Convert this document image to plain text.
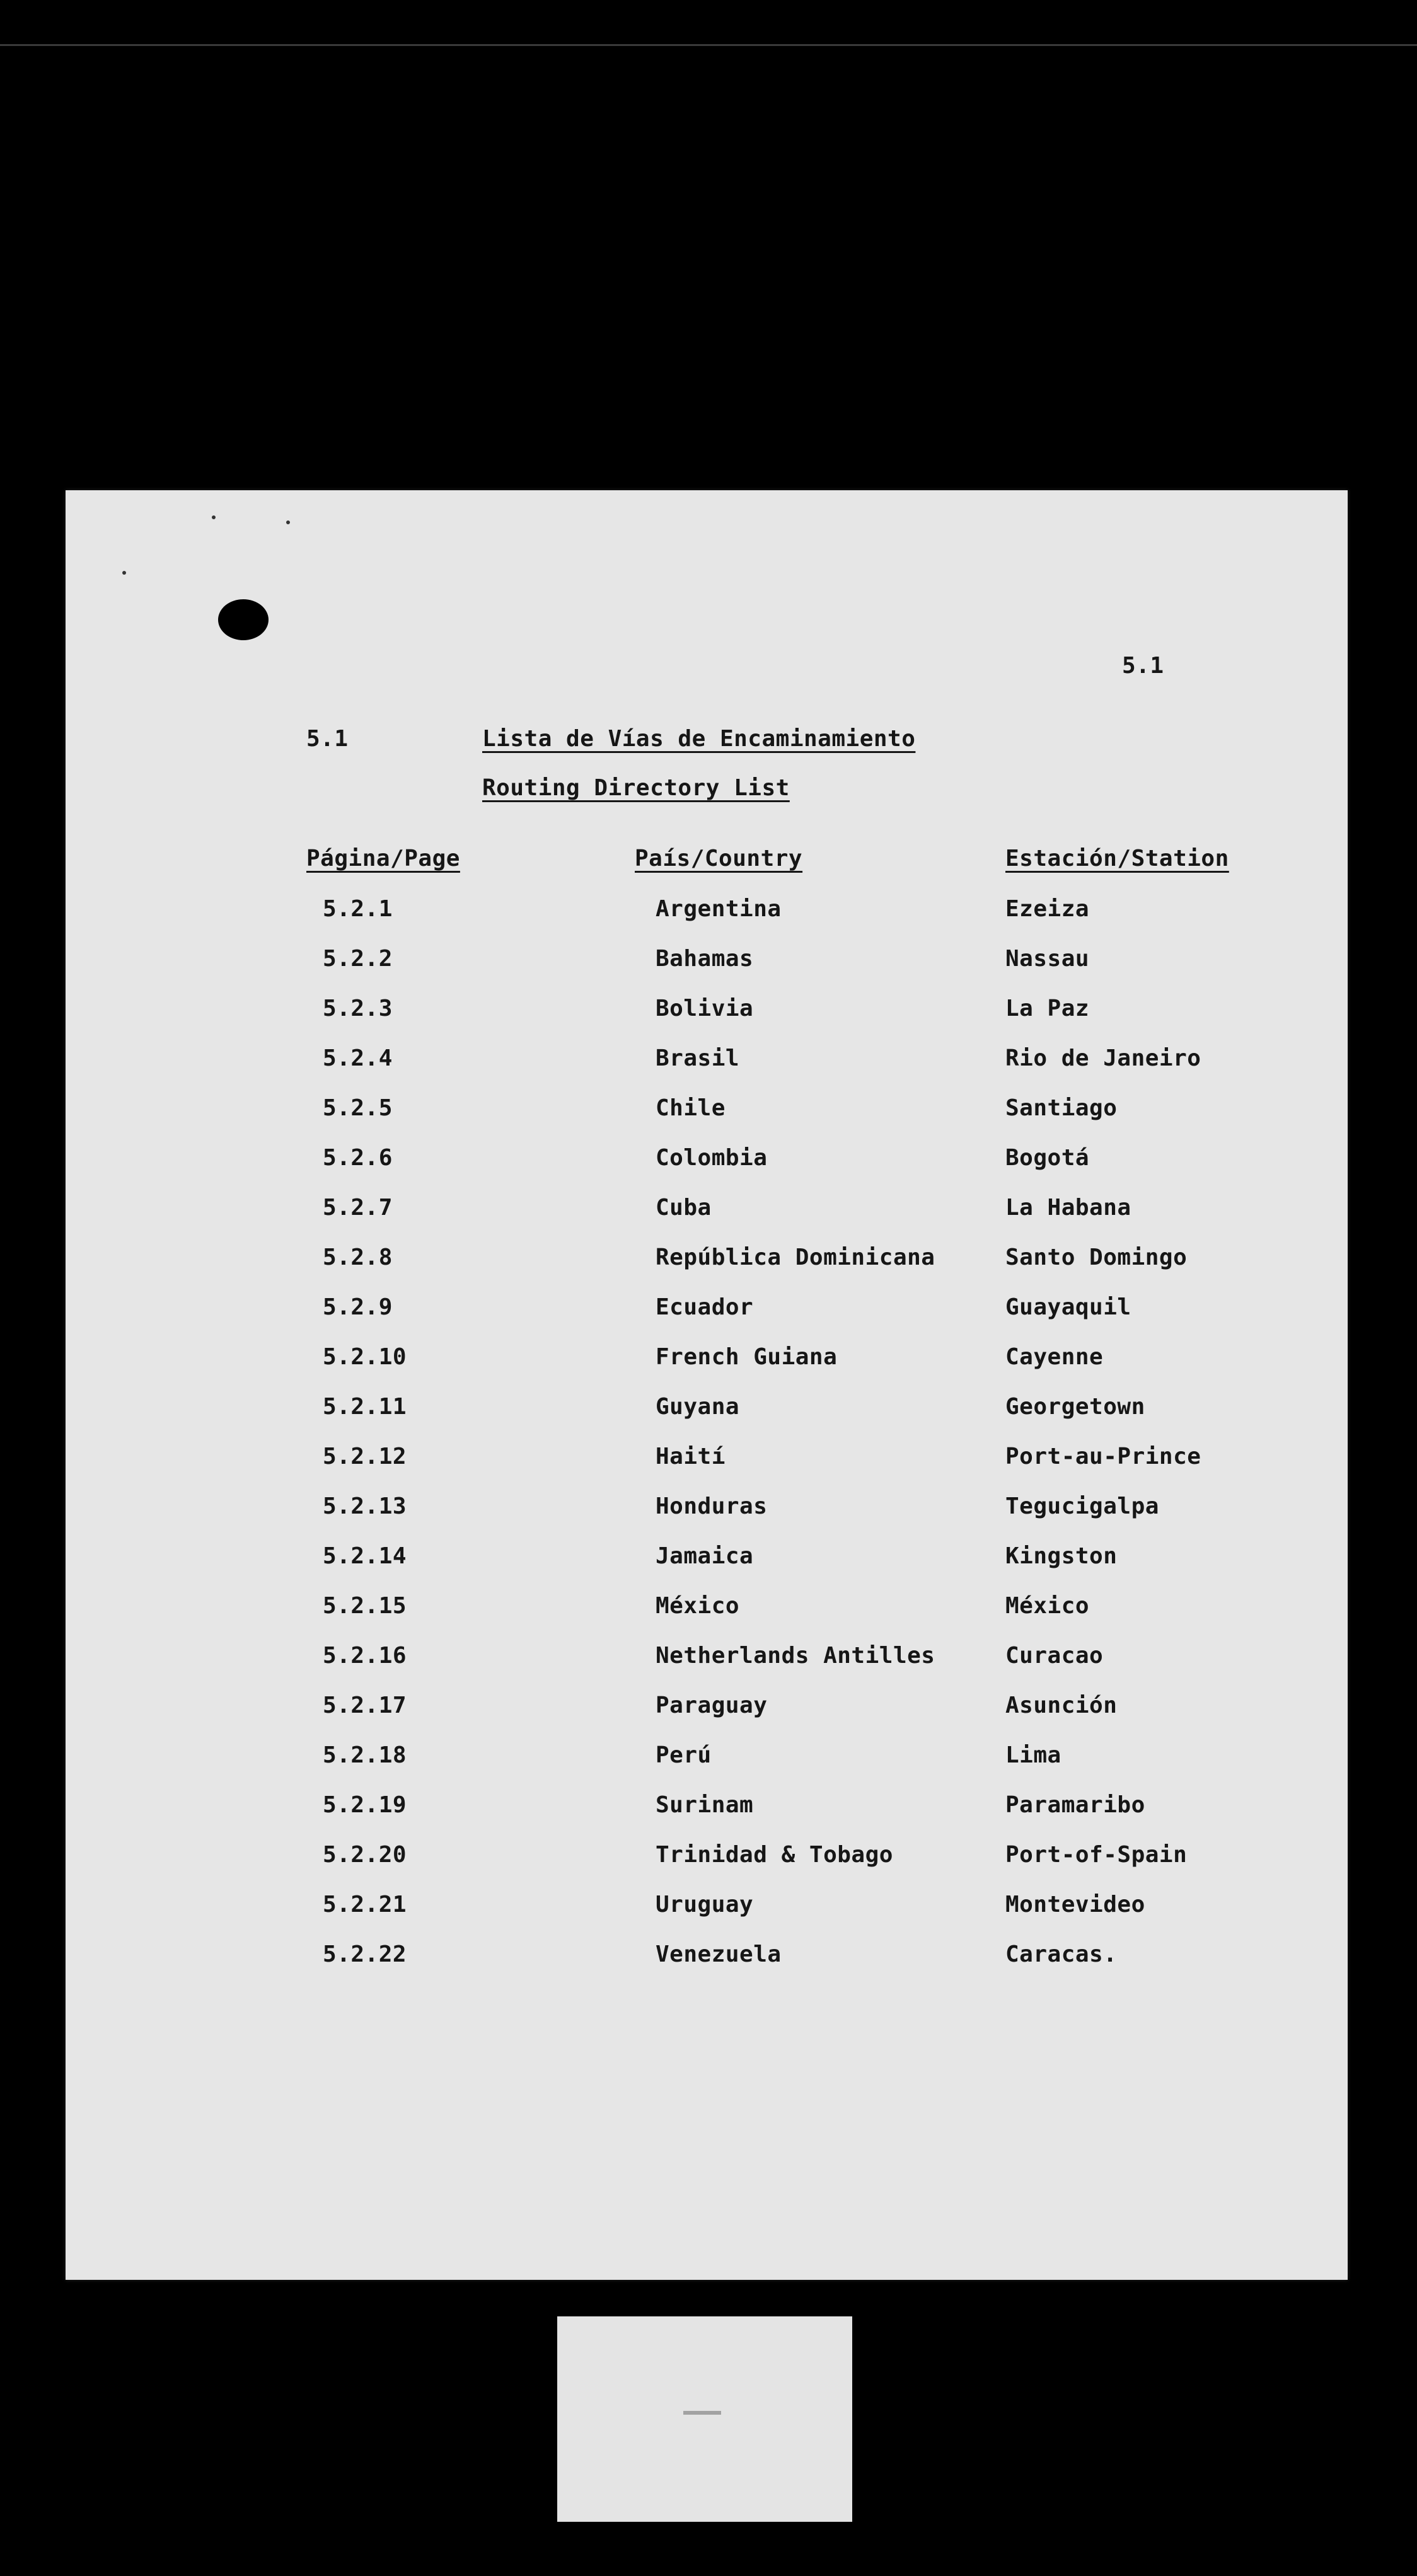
5.1
5.1	Lista de Vías de Encaminamiento
Routing Directory List
Página/Page	País/Country	Estación/Station
5.2.1	Argentina	Ezeiza
5.2.2	Bahamas	Nassau
5.2.3	Bolivia	La Paz
5.2.4	Brasil	Rio de Janeiro
5.2.5	Chile	Santiago
5.2.6	Colombia	Bogotá
5.2.7	Cuba	La Habana
5.2.8	República Dominicana	Santo Domingo
5.2.9	Ecuador	Guayaquil
5.2.10	French Guiana	Cayenne
5.2.11	Guyana	Georgetown
5.2.12	Haití	Port-au-Prince
5.2.13	Honduras	Tegucigalpa
5.2.14	Jamaica	Kingston
5.2.15	México	México
5.2.16	Netherlands Antilles	Curacao
5.2.17	Paraguay	Asunción
5.2.18	Perú	Lima
5.2.19	Surinam	Paramaribo
5.2.20	Trinidad & Tobago	Port-of-Spain
5.2.21	Uruguay	Montevideo
5.2.22	Venezuela	Caracas.
